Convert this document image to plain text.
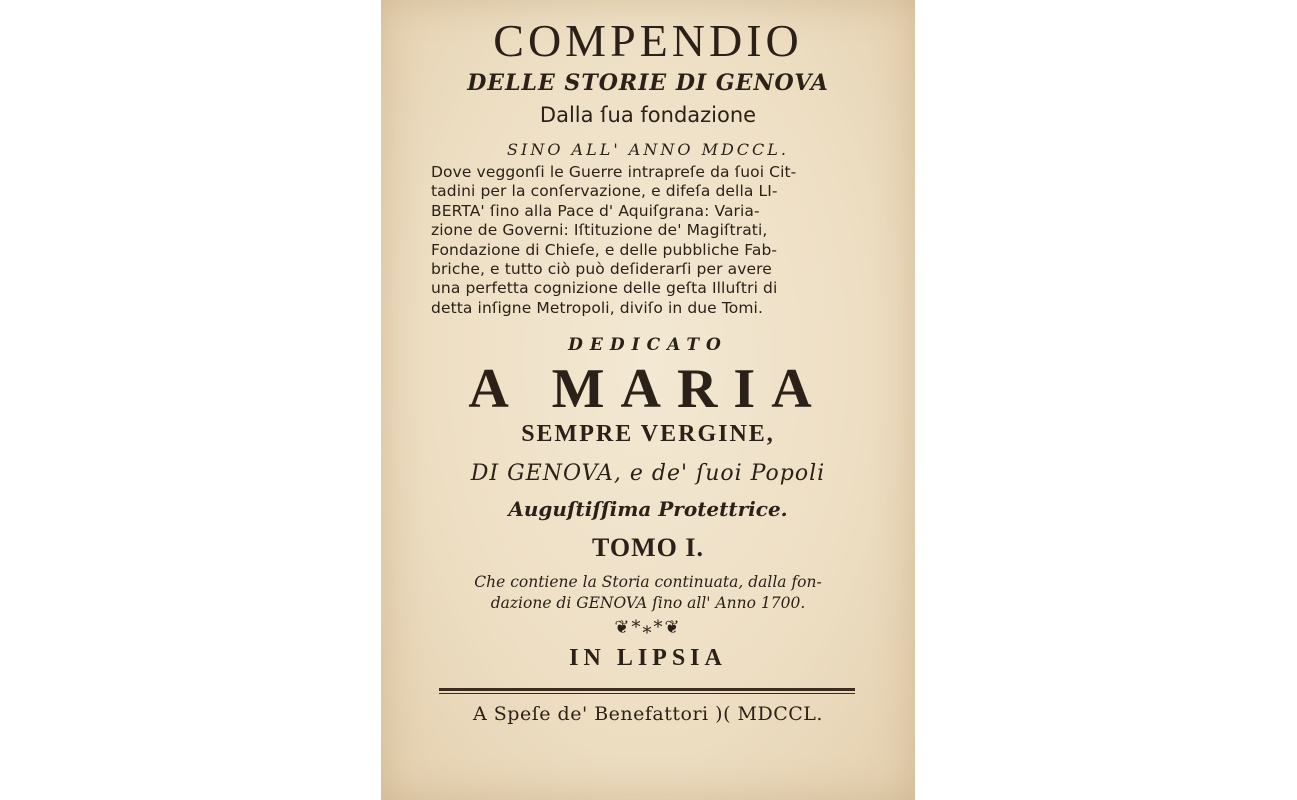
COMPENDIO
DELLE STORIE DI GENOVA
Dalla ſua fondazione
SINO ALL' ANNO MDCCL.
Dove veggonſi le Guerre intrapreſe da ſuoi Cit-
tadini per la conſervazione, e difeſa della LI-
BERTA' ſino alla Pace d' Aquiſgrana: Varia-
zione de Governi: Iſtituzione de' Magiſtrati,
Fondazione di Chieſe, e delle pubbliche Fab-
briche, e tutto ciò può deſiderarſi per avere
una perfetta cognizione delle geſta Illuſtri di
detta inſigne Metropoli, diviſo in due Tomi.
DEDICATO
A MARIA
SEMPRE VERGINE,
DI GENOVA, e de' ſuoi Popoli
Auguſtiſſima Protettrice.
TOMO I.
Che contiene la Storia continuata, dalla fon-
dazione di GENOVA ſino all' Anno 1700.
❦*⁎*❦
IN LIPSIA
A Speſe de' Benefattori )( MDCCL.
